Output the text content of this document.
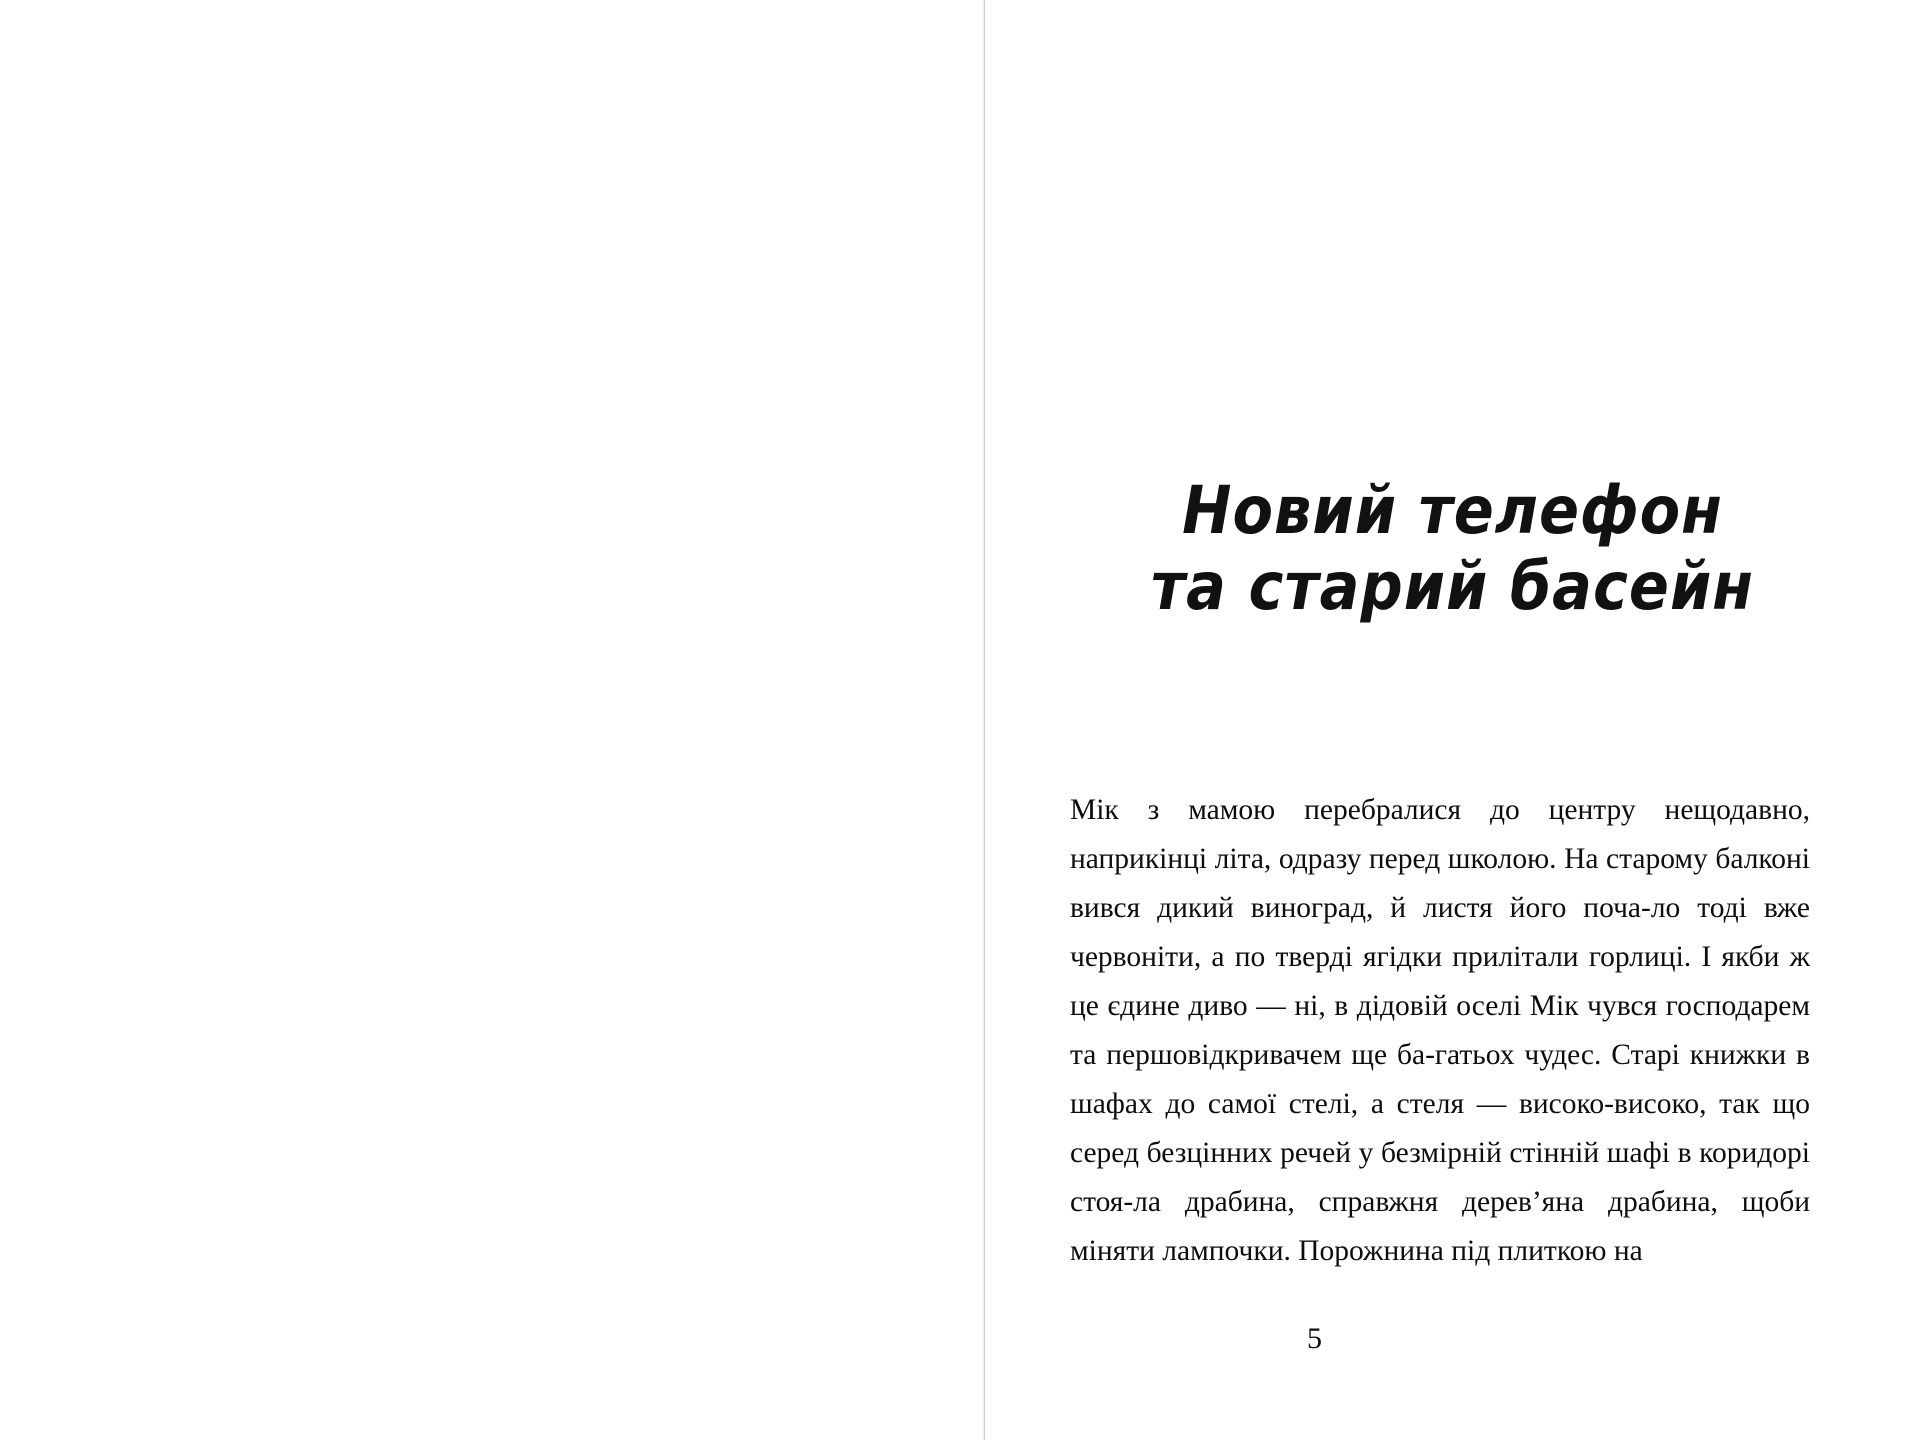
Новий телефон
та старий басейн

Мік з мамою перебралися до центру нещодавно, наприкінці літа, одразу перед школою. На старому балконі вився дикий виноград, й листя його поча-ло тоді вже червоніти, а по тверді ягідки прилітали горлиці. І якби ж це єдине диво — ні, в дідовій оселі Мік чувся господарем та першовідкривачем ще ба-гатьох чудес. Старі книжки в шафах до самої стелі, а стеля — високо-високо, так що серед безцінних речей у безмірній стінній шафі в коридорі стоя-ла драбина, справжня дерев’яна драбина, щоби міняти лампочки. Порожнина під плиткою на

5
